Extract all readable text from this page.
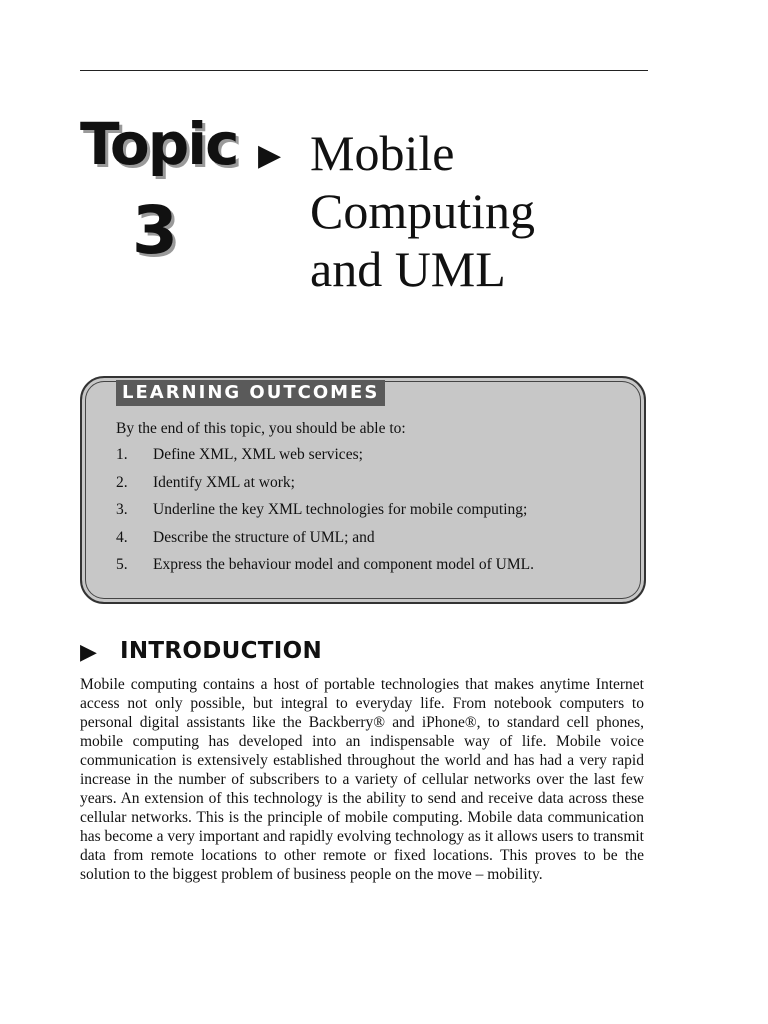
Topic
3
▶ Mobile
Computing
and UML
LEARNING OUTCOMES
By the end of this topic, you should be able to:
1.	Define XML, XML web services;
2.	Identify XML at work;
3.	Underline the key XML technologies for mobile computing;
4.	Describe the structure of UML; and
5.	Express the behaviour model and component model of UML.
▶ INTRODUCTION

Mobile computing contains a host of portable technologies that makes anytime Internet access not only possible, but integral to everyday life. From notebook computers to personal digital assistants like the Backberry® and iPhone®, to standard cell phones, mobile computing has developed into an indispensable way of life. Mobile voice communication is extensively established throughout the world and has had a very rapid increase in the number of subscribers to a variety of cellular networks over the last few years. An extension of this technology is the ability to send and receive data across these cellular networks. This is the principle of mobile computing. Mobile data communication has become a very important and rapidly evolving technology as it allows users to transmit data from remote locations to other remote or fixed locations. This proves to be the solution to the biggest problem of business people on the move – mobility.
